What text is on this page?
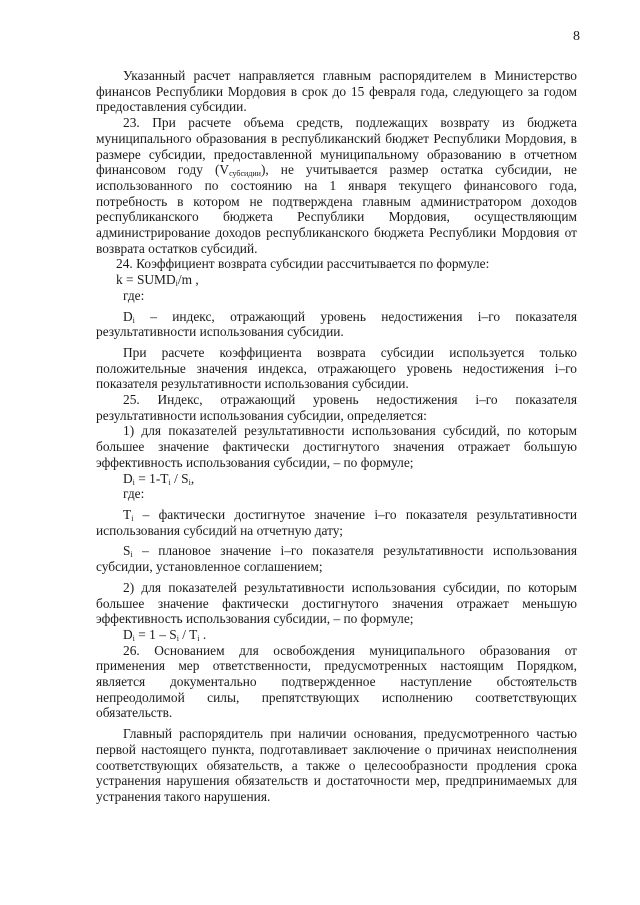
8

Указанный расчет направляется главным распорядителем в Министерство финансов Республики Мордовия в срок до 15 февраля года, следующего за годом предоставления субсидии.

23. При расчете объема средств, подлежащих возврату из бюджета муниципального образования в республиканский бюджет Республики Мордовия, в размере субсидии, предоставленной муниципальному образованию в отчетном финансовом году $(V_{субсидии})$, не учитывается размер остатка субсидии, не использованного по состоянию на 1 января текущего финансового года, потребность в котором не подтверждена главным администратором доходов республиканского бюджета Республики Мордовия, осуществляющим администрирование доходов республиканского бюджета Республики Мордовия от возврата остатков субсидий.

24. Коэффициент возврата субсидии рассчитывается по формуле:

$k = SUMD_i/m$ ,

где:

$D_i$ – индекс, отражающий уровень недостижения i–го показателя результативности использования субсидии.

При расчете коэффициента возврата субсидии используется только положительные значения индекса, отражающего уровень недостижения i–го показателя результативности использования субсидии.

25. Индекс, отражающий уровень недостижения i–го показателя результативности использования субсидии, определяется:

1) для показателей результативности использования субсидий, по которым большее значение фактически достигнутого значения отражает большую эффективность использования субсидии, – по формуле;

$D_i = 1-T_i / S_i$,

где:

$T_i$ – фактически достигнутое значение i–го показателя результативности использования субсидий на отчетную дату;

$S_i$ – плановое значение i–го показателя результативности использования субсидии, установленное соглашением;

2) для показателей результативности использования субсидии, по которым большее значение фактически достигнутого значения отражает меньшую эффективность использования субсидии, – по формуле;

$D_i = 1 - S_i / T_i$ .

26. Основанием для освобождения муниципального образования от применения мер ответственности, предусмотренных настоящим Порядком, является документально подтвержденное наступление обстоятельств непреодолимой силы, препятствующих исполнению соответствующих обязательств.

Главный распорядитель при наличии основания, предусмотренного частью первой настоящего пункта, подготавливает заключение о причинах неисполнения соответствующих обязательств, а также о целесообразности продления срока устранения нарушения обязательств и достаточности мер, предпринимаемых для устранения такого нарушения.
